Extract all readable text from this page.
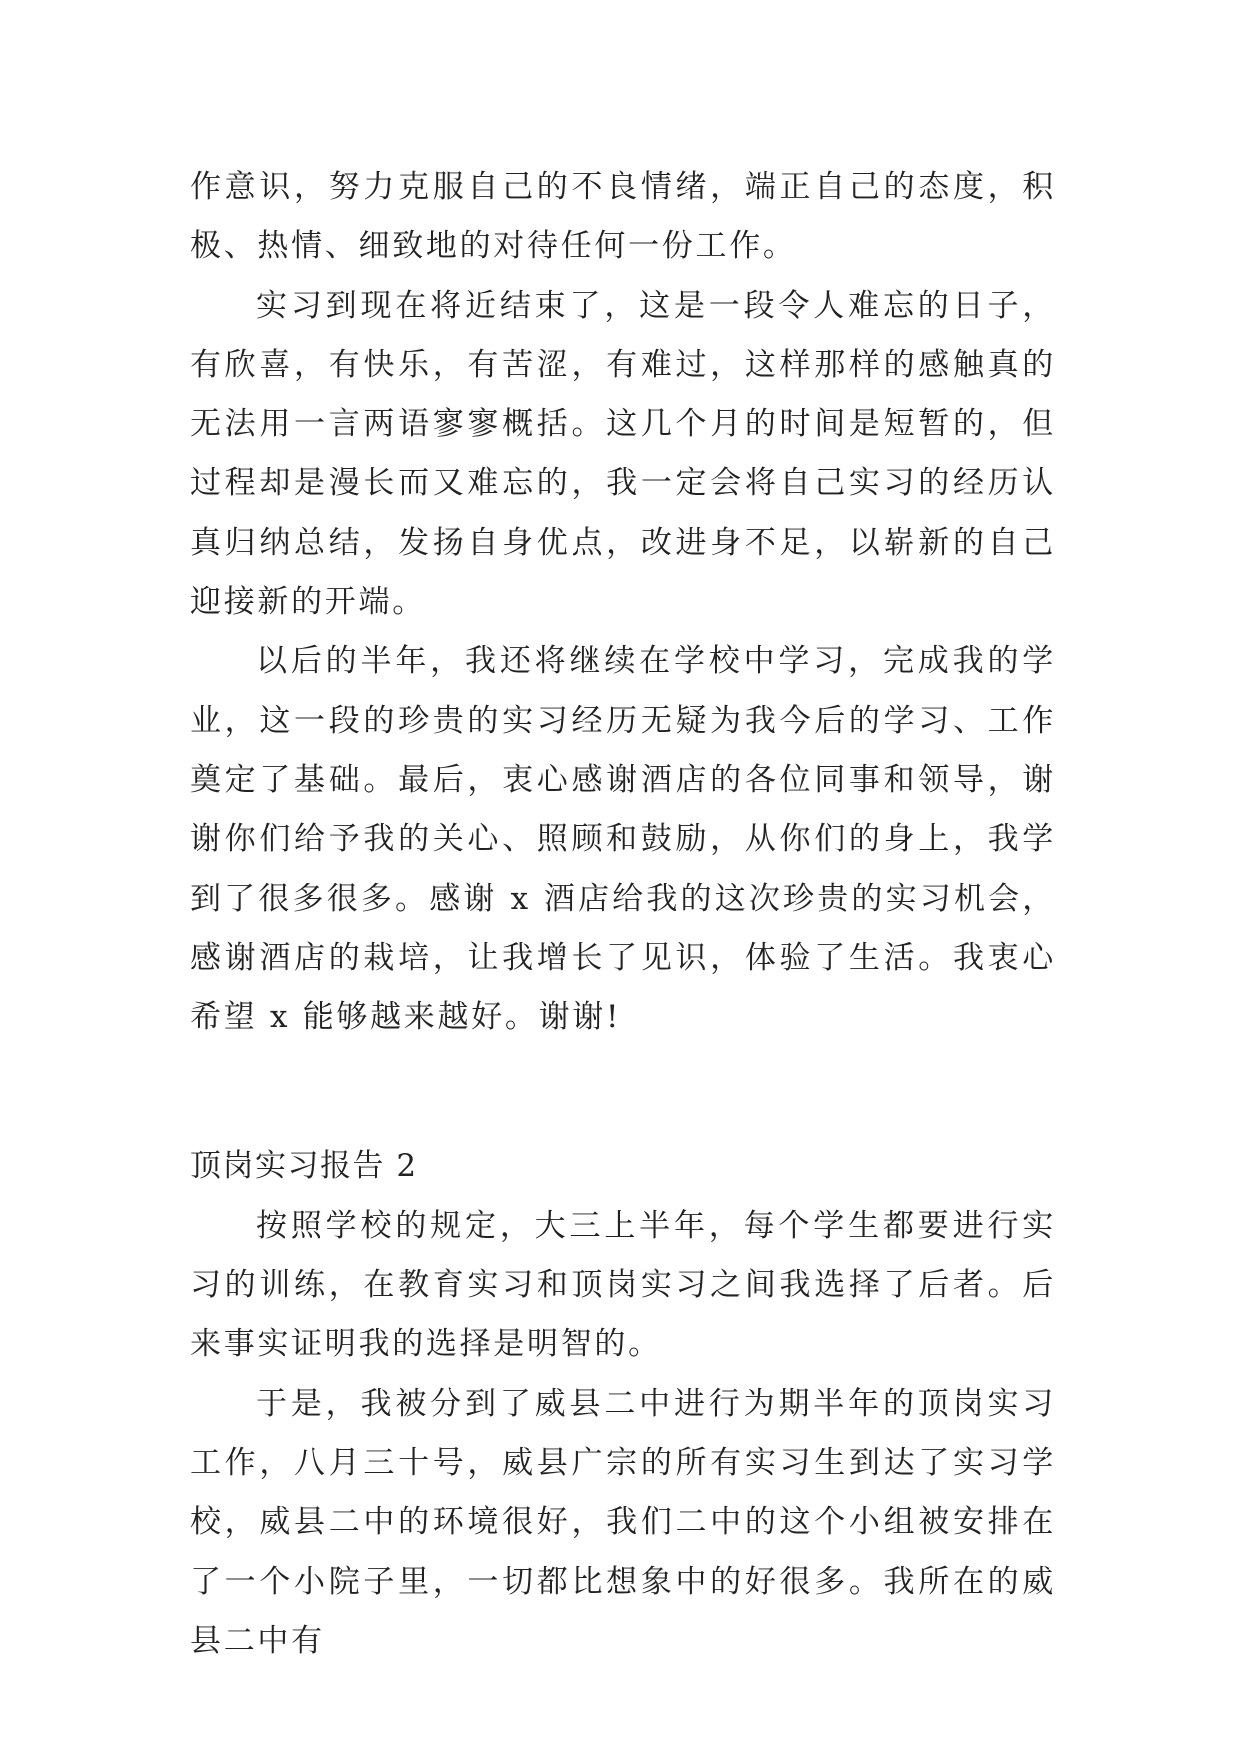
作意识，努力克服自己的不良情绪，端正自己的态度，积极、热情、细致地的对待任何一份工作。

实习到现在将近结束了，这是一段令人难忘的日子，有欣喜，有快乐，有苦涩，有难过，这样那样的感触真的无法用一言两语寥寥概括。这几个月的时间是短暂的，但过程却是漫长而又难忘的，我一定会将自己实习的经历认真归纳总结，发扬自身优点，改进身不足，以崭新的自己迎接新的开端。

以后的半年，我还将继续在学校中学习，完成我的学业，这一段的珍贵的实习经历无疑为我今后的学习、工作奠定了基础。最后，衷心感谢酒店的各位同事和领导，谢谢你们给予我的关心、照顾和鼓励，从你们的身上，我学到了很多很多。感谢 x 酒店给我的这次珍贵的实习机会，感谢酒店的栽培，让我增长了见识，体验了生活。我衷心希望 x 能够越来越好。谢谢!

顶岗实习报告 2

按照学校的规定，大三上半年，每个学生都要进行实习的训练，在教育实习和顶岗实习之间我选择了后者。后来事实证明我的选择是明智的。

于是，我被分到了威县二中进行为期半年的顶岗实习工作，八月三十号，威县广宗的所有实习生到达了实习学校，威县二中的环境很好，我们二中的这个小组被安排在了一个小院子里，一切都比想象中的好很多。我所在的威县二中有
